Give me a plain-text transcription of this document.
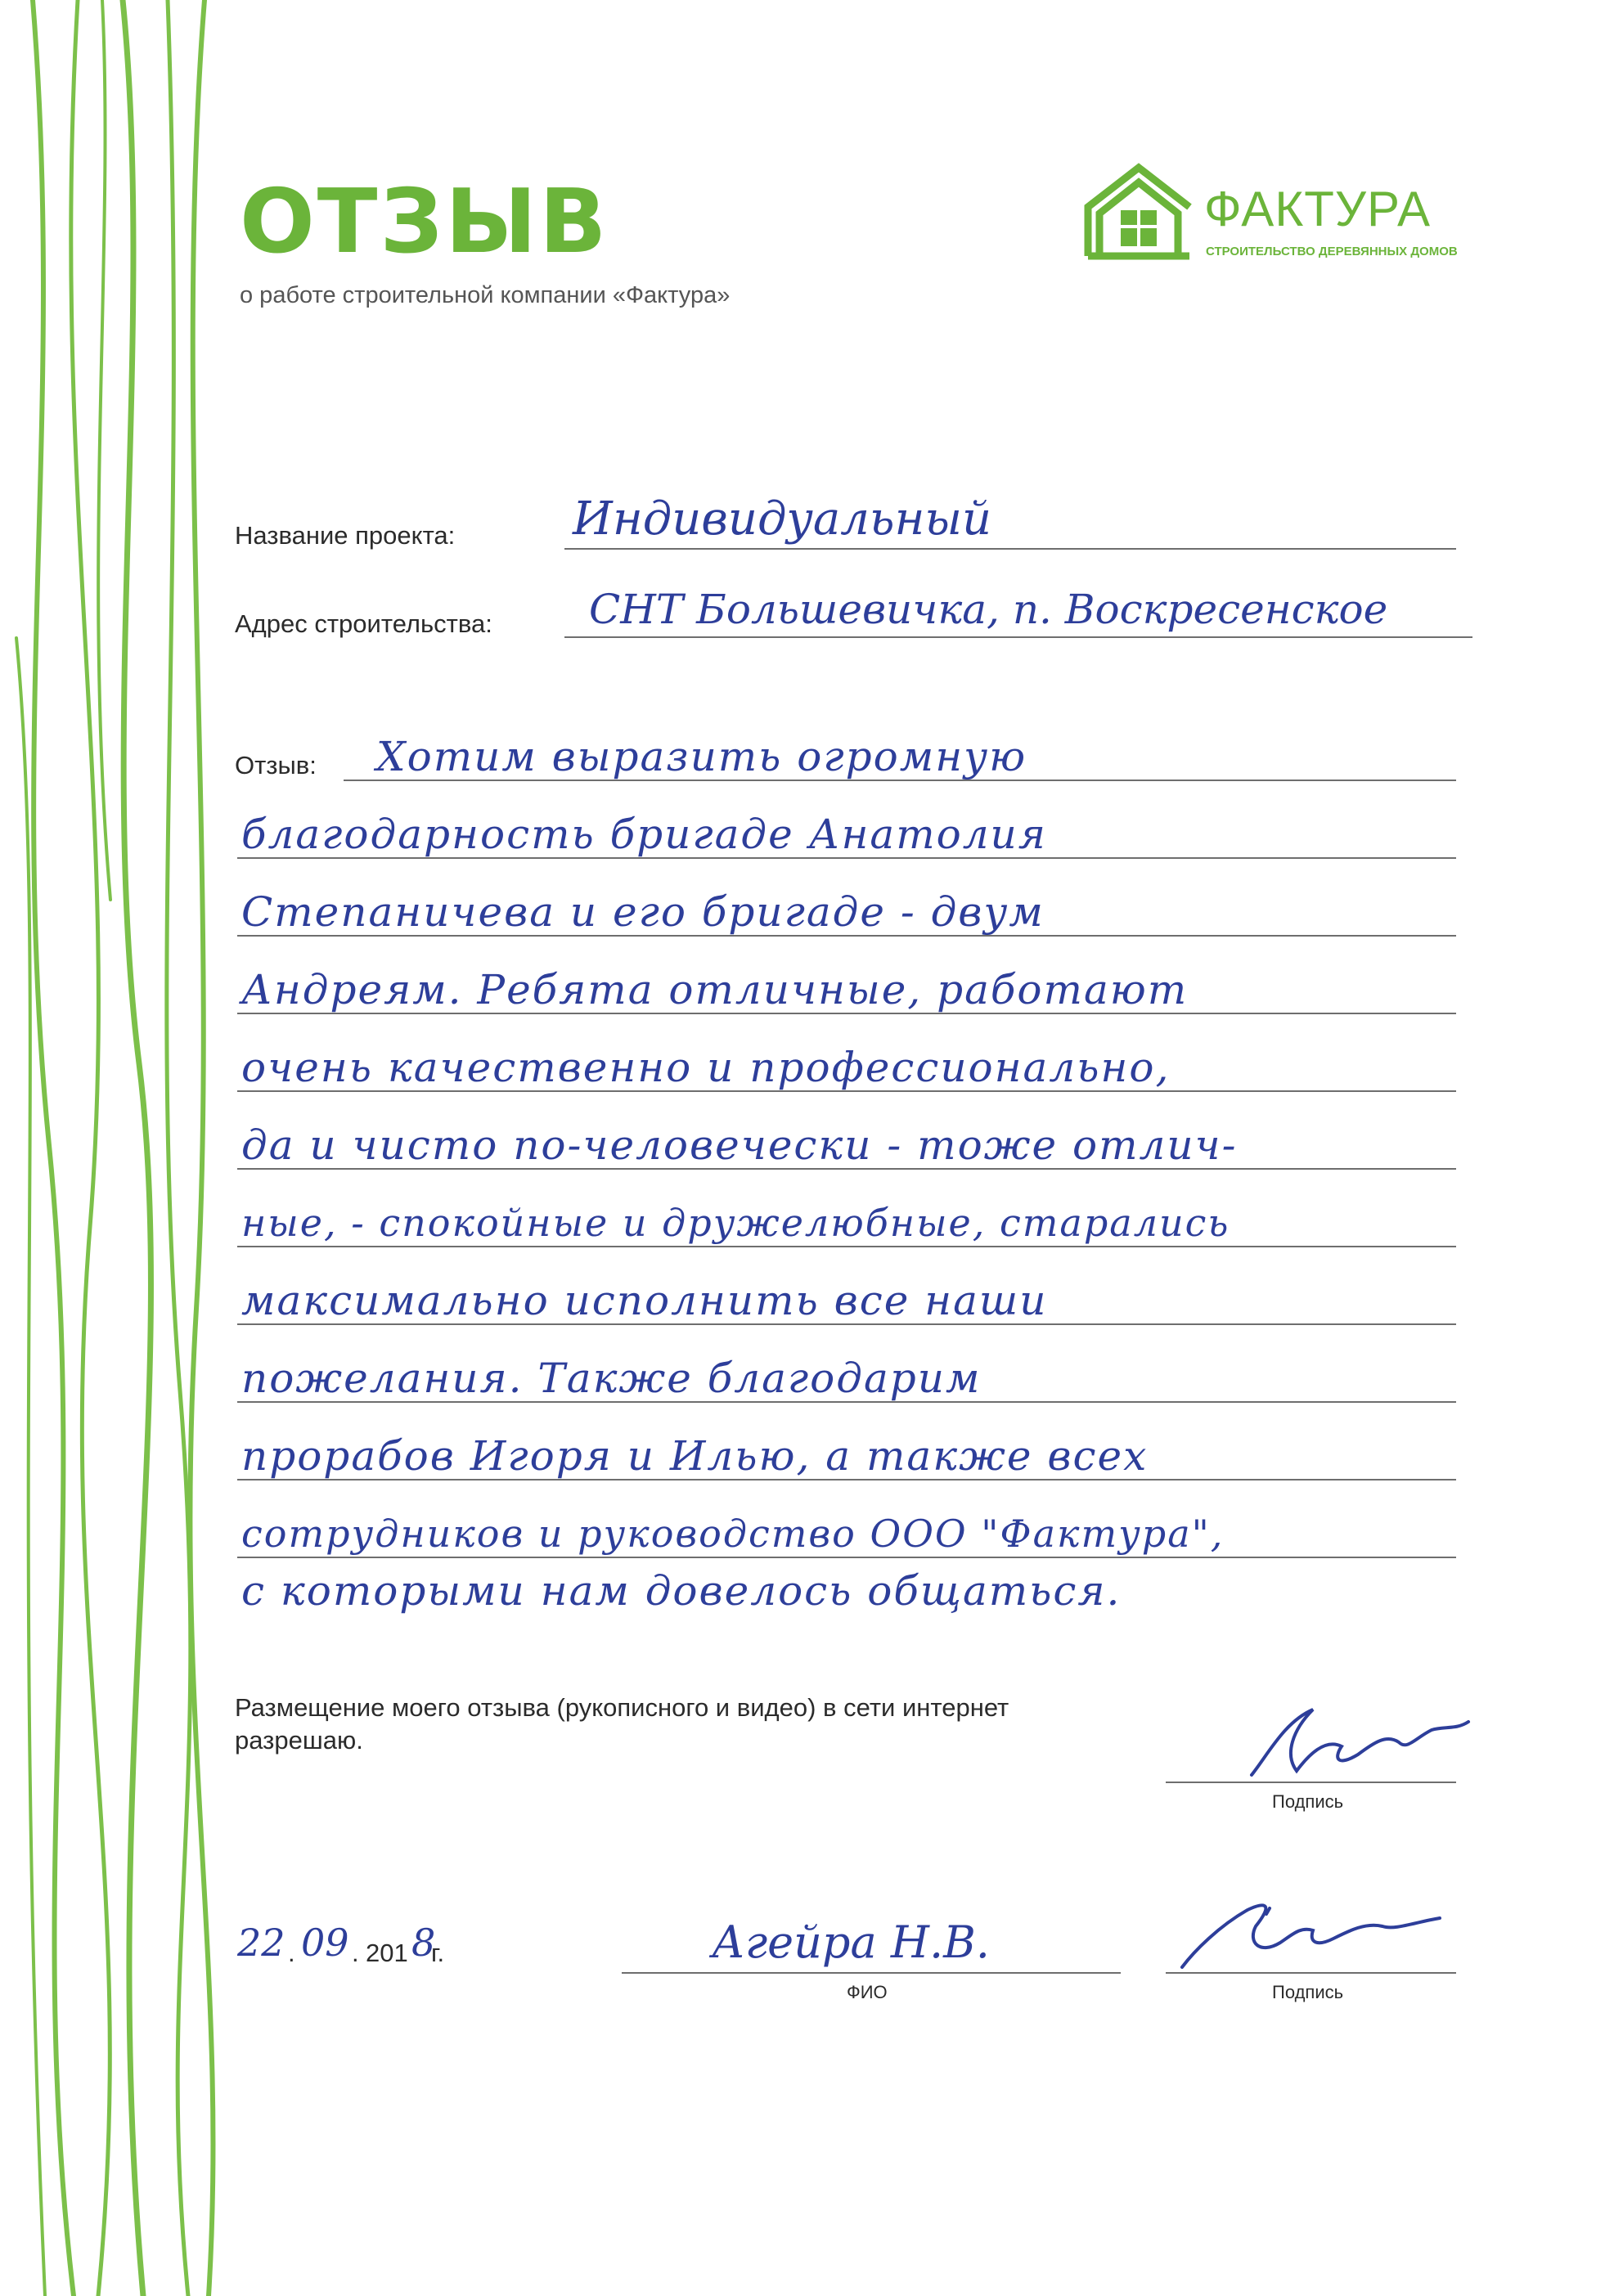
ОТЗЫВ
о работе строительной компании «Фактура»
ФАКТУРА
СТРОИТЕЛЬСТВО ДЕРЕВЯННЫХ ДОМОВ
Название проекта:	Индивидуальный
Адрес строительства: СНТ Большевичка, п. Воскресенское
Отзыв: Хотим выразить огромную
благодарность бригаде Анатолия
Степаничева и его бригаде - двум
Андреям. Ребята отличные, работают
очень качественно и профессионально,
да и чисто по-человечески - тоже отлич-
ные, - спокойные и дружелюбные, старались
максимально исполнить все наши
пожелания. Также благодарим
прорабов Игоря и Илью, а также всех
сотрудников и руководство ООО "Фактура",
с которыми нам довелось общаться.
Размещение моего отзыва (рукописного и видео) в сети интернет разрешаю.
Подпись
22 . 09 . 201 8
г.	Агейра Н.В.
ФИО	Подпись
